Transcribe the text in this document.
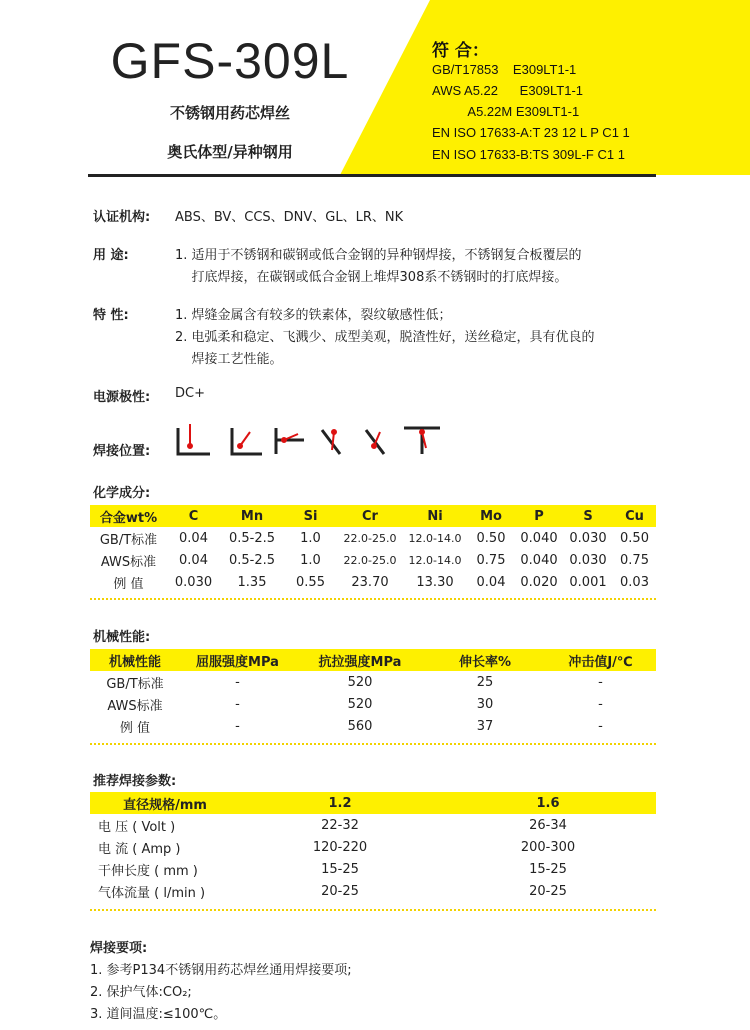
GFS-309L
不锈钢用药芯焊丝
奥氏体型/异种钢用
符 合：
GB/T17853    E309LT1-1
AWS A5.22      E309LT1-1
A5.22M E309LT1-1
EN ISO 17633-A:T 23 12 L P C1 1
EN ISO 17633-B:TS 309L-F C1 1
认证机构: ABS、BV、CCS、DNV、GL、LR、NK
用 途:	1. 适用于不锈钢和碳钢或低合金钢的异种钢焊接，不锈钢复合板覆层的
打底焊接，在碳钢或低合金钢上堆焊308系不锈钢时的打底焊接。
特 性:	1. 焊缝金属含有较多的铁素体，裂纹敏感性低；
2. 电弧柔和稳定、飞溅少、成型美观，脱渣性好，送丝稳定，具有优良的
焊接工艺性能。
电源极性: DC+
焊接位置:
化学成分:
合金wt%	C	Mn	Si	Cr	Ni	Mo	P	S	Cu
GB/T标准	0.04	0.5-2.5	1.0	22.0-25.0	12.0-14.0	0.50	0.040	0.030	0.50
AWS标准	0.04	0.5-2.5	1.0	22.0-25.0	12.0-14.0	0.75	0.040	0.030	0.75
例 值	0.030	1.35	0.55	23.70	13.30	0.04	0.020	0.001	0.03
机械性能:
机械性能	屈服强度MPa	抗拉强度MPa	伸长率%	冲击值J/℃
GB/T标准	-	520	25	-
AWS标准	-	520	30	-
例 值	-	560	37	-
推荐焊接参数:
直径规格/mm	1.2	1.6
电 压 ( Volt )	22-32	26-34
电 流 ( Amp )	120-220	200-300
干伸长度 ( mm )	15-25	15-25
气体流量 ( l/min )	20-25	20-25
焊接要项:
1. 参考P134不锈钢用药芯焊丝通用焊接要项;
2. 保护气体:CO₂;
3. 道间温度:≤100℃。
